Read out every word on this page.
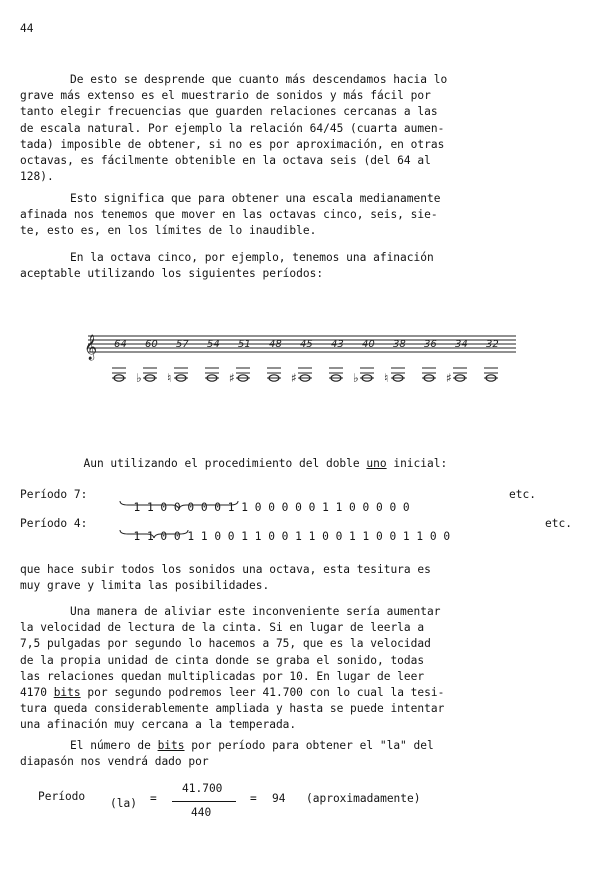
44
De esto se desprende que cuanto más descendamos hacia lo
grave más extenso es el muestrario de sonidos y más fácil por
tanto elegir frecuencias que guarden relaciones cercanas a las
de escala natural. Por ejemplo la relación 64/45 (cuarta aumen-
tada) imposible de obtener, si no es por aproximación, en otras
octavas, es fácilmente obtenible en la octava seis (del 64 al
128).
Esto significa que para obtener una escala medianamente
afinada nos tenemos que mover en las octavas cinco, seis, sie-
te, esto es, en los límites de lo inaudible.
En la octava cinco, por ejemplo, tenemos una afinación
aceptable utilizando los siguientes períodos:
𝄞 64 60 57 54 51 48 45 43 40 38 36 34 32
♭ ♮	♯	♯	♭ ♮	♯

Aun utilizando el procedimiento del doble uno inicial:

Período 7:

1 1 0 0 0 0 0 1 1 0 0 0 0 0 1 1 0 0 0 0 0

etc.
Período 4:

1 1 0 0 1 1 0 0 1 1 0 0 1 1 0 0 1 1 0 0 1 1 0 0

etc.
que hace subir todos los sonidos una octava, esta tesitura es
muy grave y limita las posibilidades.
Una manera de aliviar este inconveniente sería aumentar
la velocidad de lectura de la cinta. Si en lugar de leerla a
7,5 pulgadas por segundo lo hacemos a 75, que es la velocidad
de la propia unidad de cinta donde se graba el sonido, todas
las relaciones quedan multiplicadas por 10. En lugar de leer
4170 bits por segundo podremos leer 41.700 con lo cual la tesi-
tura queda considerablemente ampliada y hasta se puede intentar
una afinación muy cercana a la temperada.
El número de bits por período para obtener el "la" del
diapasón nos vendrá dado por
Período
(la) =
41.700
440
= 94 (aproximadamente)
